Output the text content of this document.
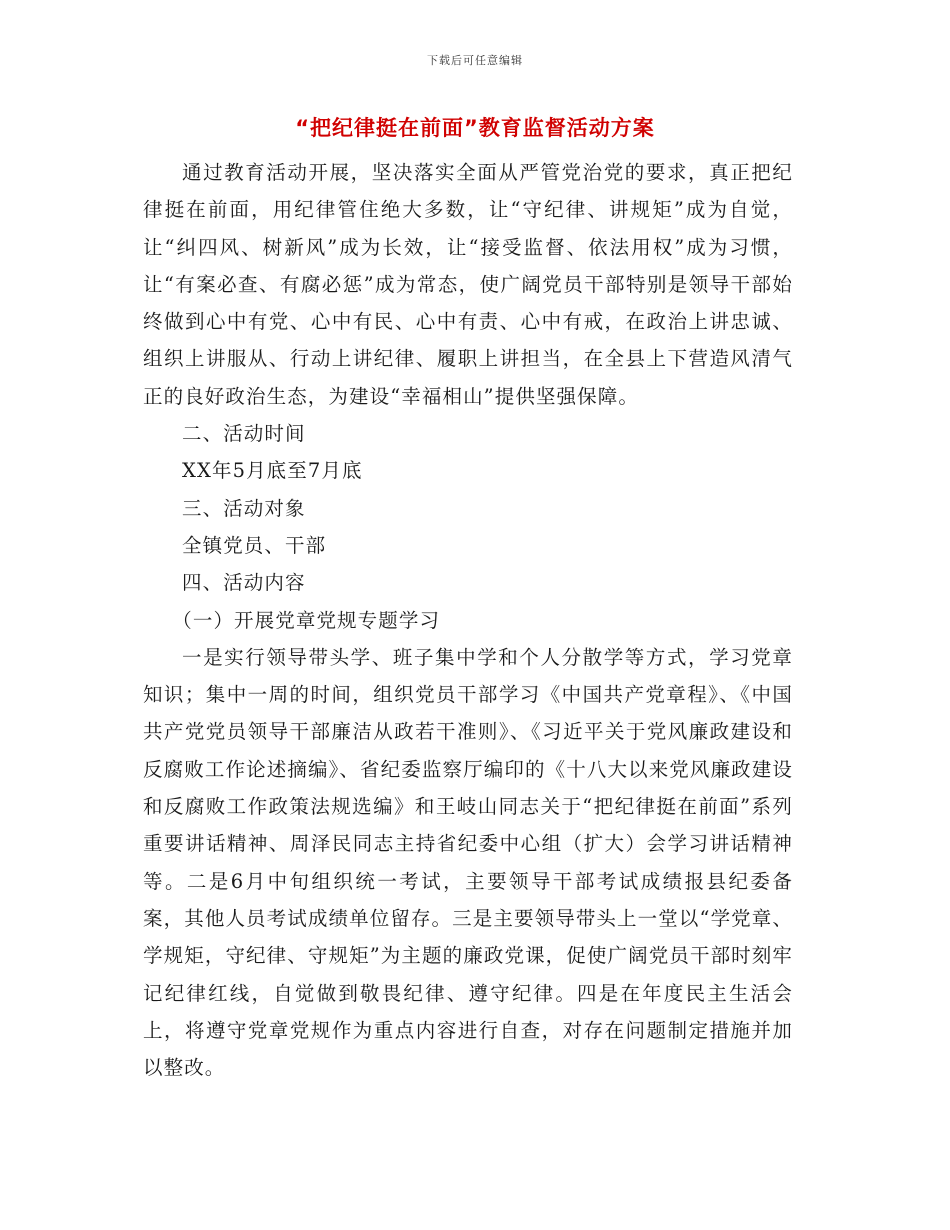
下载后可任意编辑
“把纪律挺在前面”教育监督活动方案

通过教育活动开展，坚决落实全面从严管党治党的要求，真正把纪律挺在前面，用纪律管住绝大多数，让“守纪律、讲规矩”成为自觉，让“纠四风、树新风”成为长效，让“接受监督、依法用权”成为习惯，让“有案必查、有腐必惩”成为常态，使广阔党员干部特别是领导干部始终做到心中有党、心中有民、心中有责、心中有戒，在政治上讲忠诚、组织上讲服从、行动上讲纪律、履职上讲担当，在全县上下营造风清气正的良好政治生态，为建设“幸福相山”提供坚强保障。

二、活动时间

XX年5月底至7月底

三、活动对象

全镇党员、干部

四、活动内容

（一）开展党章党规专题学习

一是实行领导带头学、班子集中学和个人分散学等方式，学习党章知识；集中一周的时间，组织党员干部学习《中国共产党章程》、《中国共产党党员领导干部廉洁从政若干准则》、《习近平关于党风廉政建设和反腐败工作论述摘编》、省纪委监察厅编印的《十八大以来党风廉政建设和反腐败工作政策法规选编》和王岐山同志关于“把纪律挺在前面”系列重要讲话精神、周泽民同志主持省纪委中心组（扩大）会学习讲话精神等。二是6月中旬组织统一考试，主要领导干部考试成绩报县纪委备案，其他人员考试成绩单位留存。三是主要领导带头上一堂以“学党章、学规矩，守纪律、守规矩”为主题的廉政党课，促使广阔党员干部时刻牢记纪律红线，自觉做到敬畏纪律、遵守纪律。四是在年度民主生活会上，将遵守党章党规作为重点内容进行自查，对存在问题制定措施并加以整改。
